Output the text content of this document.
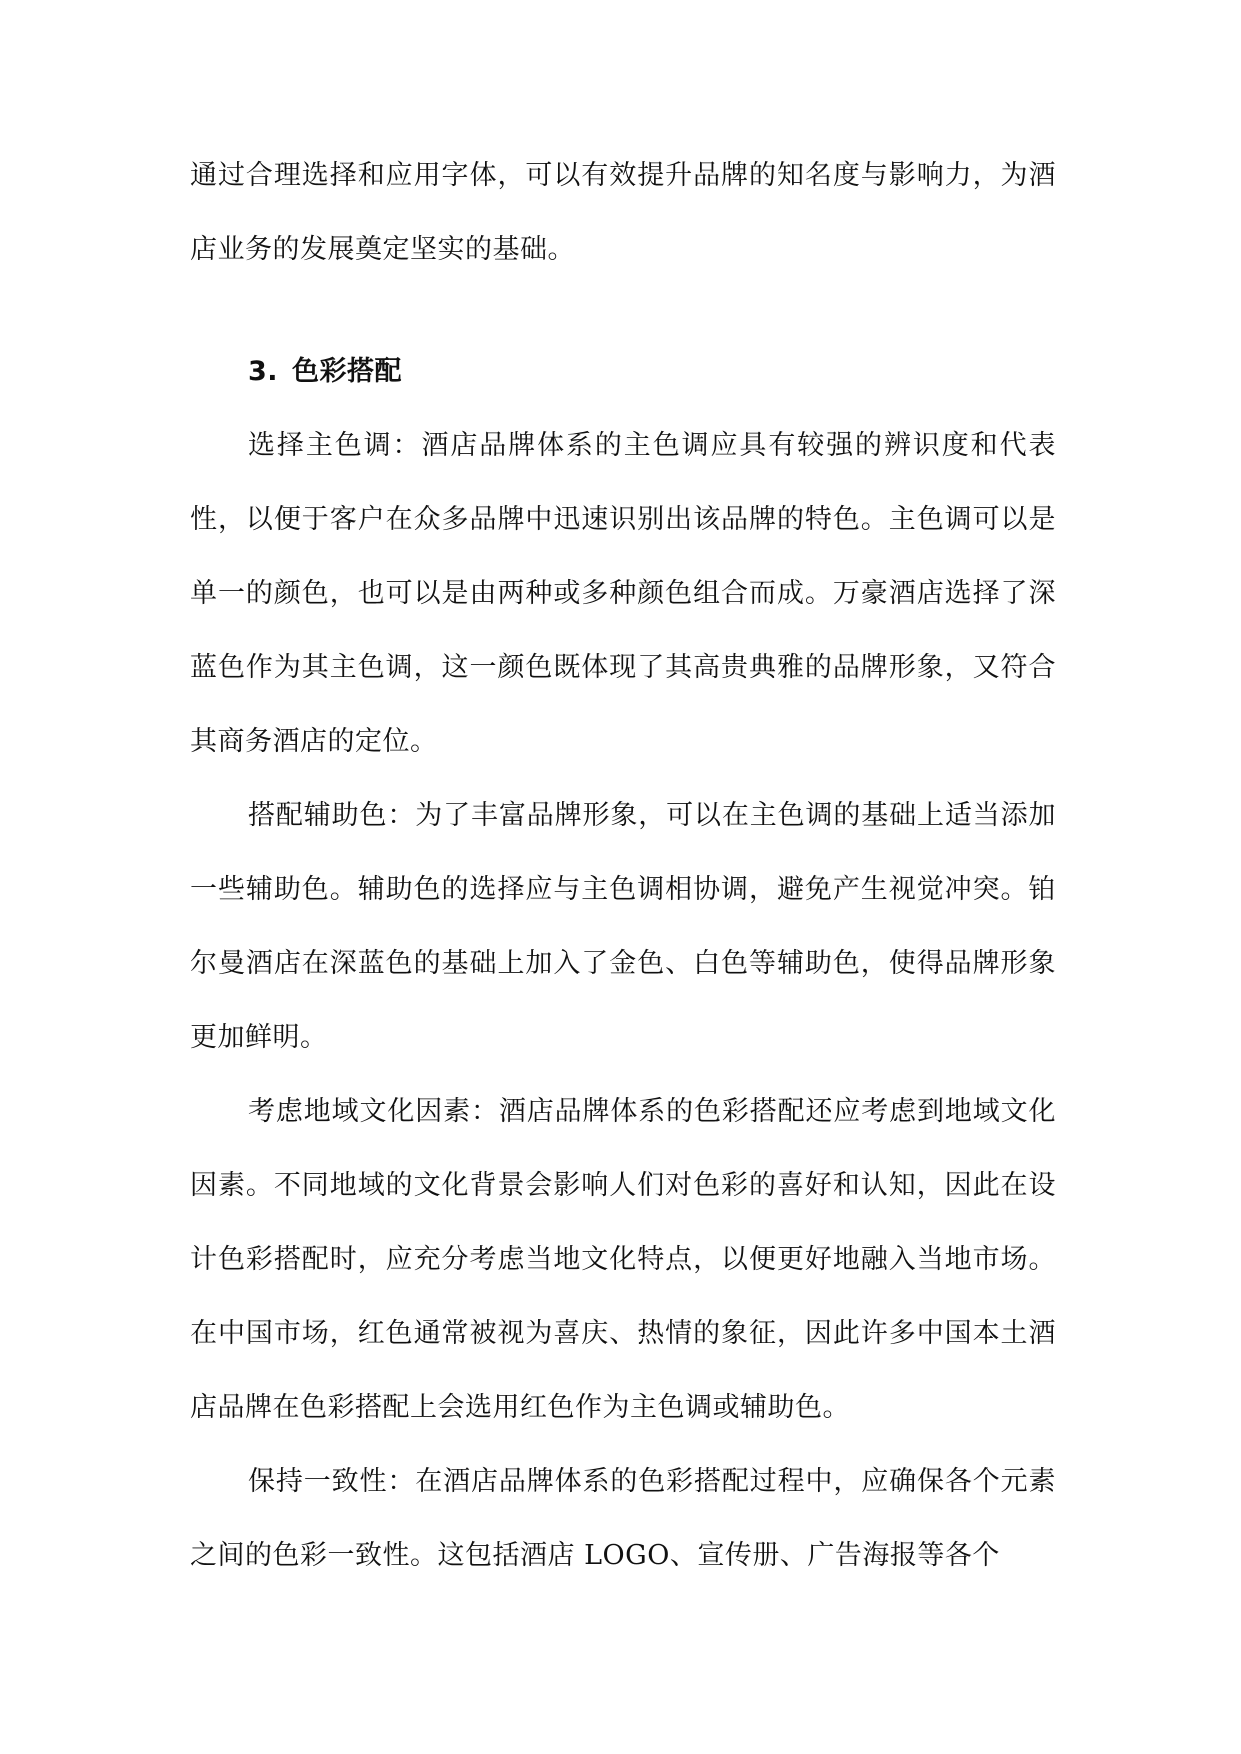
通过合理选择和应用字体，可以有效提升品牌的知名度与影响力，为酒店业务的发展奠定坚实的基础。

3. 色彩搭配

选择主色调：酒店品牌体系的主色调应具有较强的辨识度和代表性，以便于客户在众多品牌中迅速识别出该品牌的特色。主色调可以是单一的颜色，也可以是由两种或多种颜色组合而成。万豪酒店选择了深蓝色作为其主色调，这一颜色既体现了其高贵典雅的品牌形象，又符合其商务酒店的定位。

搭配辅助色：为了丰富品牌形象，可以在主色调的基础上适当添加一些辅助色。辅助色的选择应与主色调相协调，避免产生视觉冲突。铂尔曼酒店在深蓝色的基础上加入了金色、白色等辅助色，使得品牌形象更加鲜明。

考虑地域文化因素：酒店品牌体系的色彩搭配还应考虑到地域文化因素。不同地域的文化背景会影响人们对色彩的喜好和认知，因此在设计色彩搭配时，应充分考虑当地文化特点，以便更好地融入当地市场。在中国市场，红色通常被视为喜庆、热情的象征，因此许多中国本土酒店品牌在色彩搭配上会选用红色作为主色调或辅助色。

保持一致性：在酒店品牌体系的色彩搭配过程中，应确保各个元素之间的色彩一致性。这包括酒店 LOGO、宣传册、广告海报等各个
